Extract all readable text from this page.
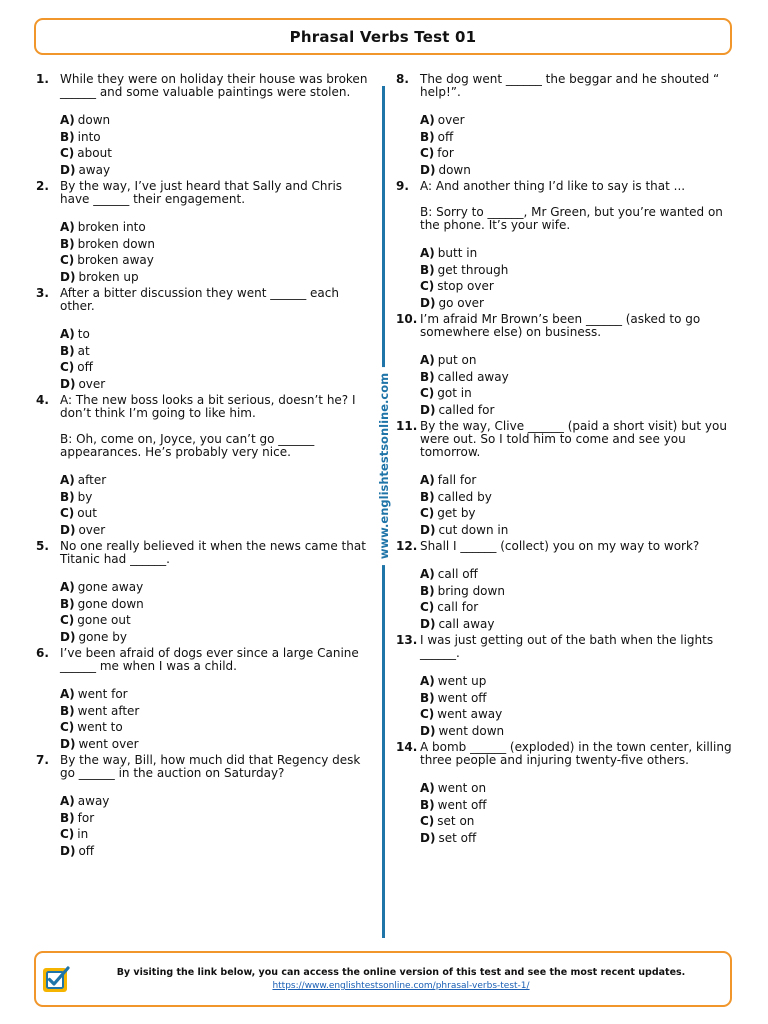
Phrasal Verbs Test 01
1. While they were on holiday their house was broken ______ and some valuable paintings were stolen.

A) down
B) into
C) about
D) away
2. By the way, I’ve just heard that Sally and Chris have ______ their engagement.

A) broken into
B) broken down
C) broken away
D) broken up
3. After a bitter discussion they went ______ each other.

A) to
B) at
C) off
D) over
4. A: The new boss looks a bit serious, doesn’t he? I don’t think I’m going to like him.

B: Oh, come on, Joyce, you can’t go ______ appearances. He’s probably very nice.

A) after
B) by
C) out
D) over
5. No one really believed it when the news came that Titanic had ______.

A) gone away
B) gone down
C) gone out
D) gone by
6. I’ve been afraid of dogs ever since a large Canine ______ me when I was a child.

A) went for
B) went after
C) went to
D) went over
7. By the way, Bill, how much did that Regency desk go ______ in the auction on Saturday?

A) away
B) for
C) in
D) off
www.englishtestsonline.com
8. The dog went ______ the beggar and he shouted “ help!”.

A) over
B) off
C) for
D) down
9. A: And another thing I’d like to say is that ...

B: Sorry to ______, Mr Green, but you’re wanted on the phone. It’s your wife.

A) butt in
B) get through
C) stop over
D) go over
10. I’m afraid Mr Brown’s been ______ (asked to go somewhere else) on business.

A) put on
B) called away
C) got in
D) called for
11. By the way, Clive ______ (paid a short visit) but you were out. So I told him to come and see you tomorrow.

A) fall for
B) called by
C) get by
D) cut down in
12. Shall I ______ (collect) you on my way to work?

A) call off
B) bring down
C) call for
D) call away
13. I was just getting out of the bath when the lights ______.

A) went up
B) went off
C) went away
D) went down
14. A bomb ______ (exploded) in the town center, killing three people and injuring twenty-five others.

A) went on
B) went off
C) set on
D) set off
By visiting the link below, you can access the online version of this test and see the most recent updates.
https://www.englishtestsonline.com/phrasal-verbs-test-1/
